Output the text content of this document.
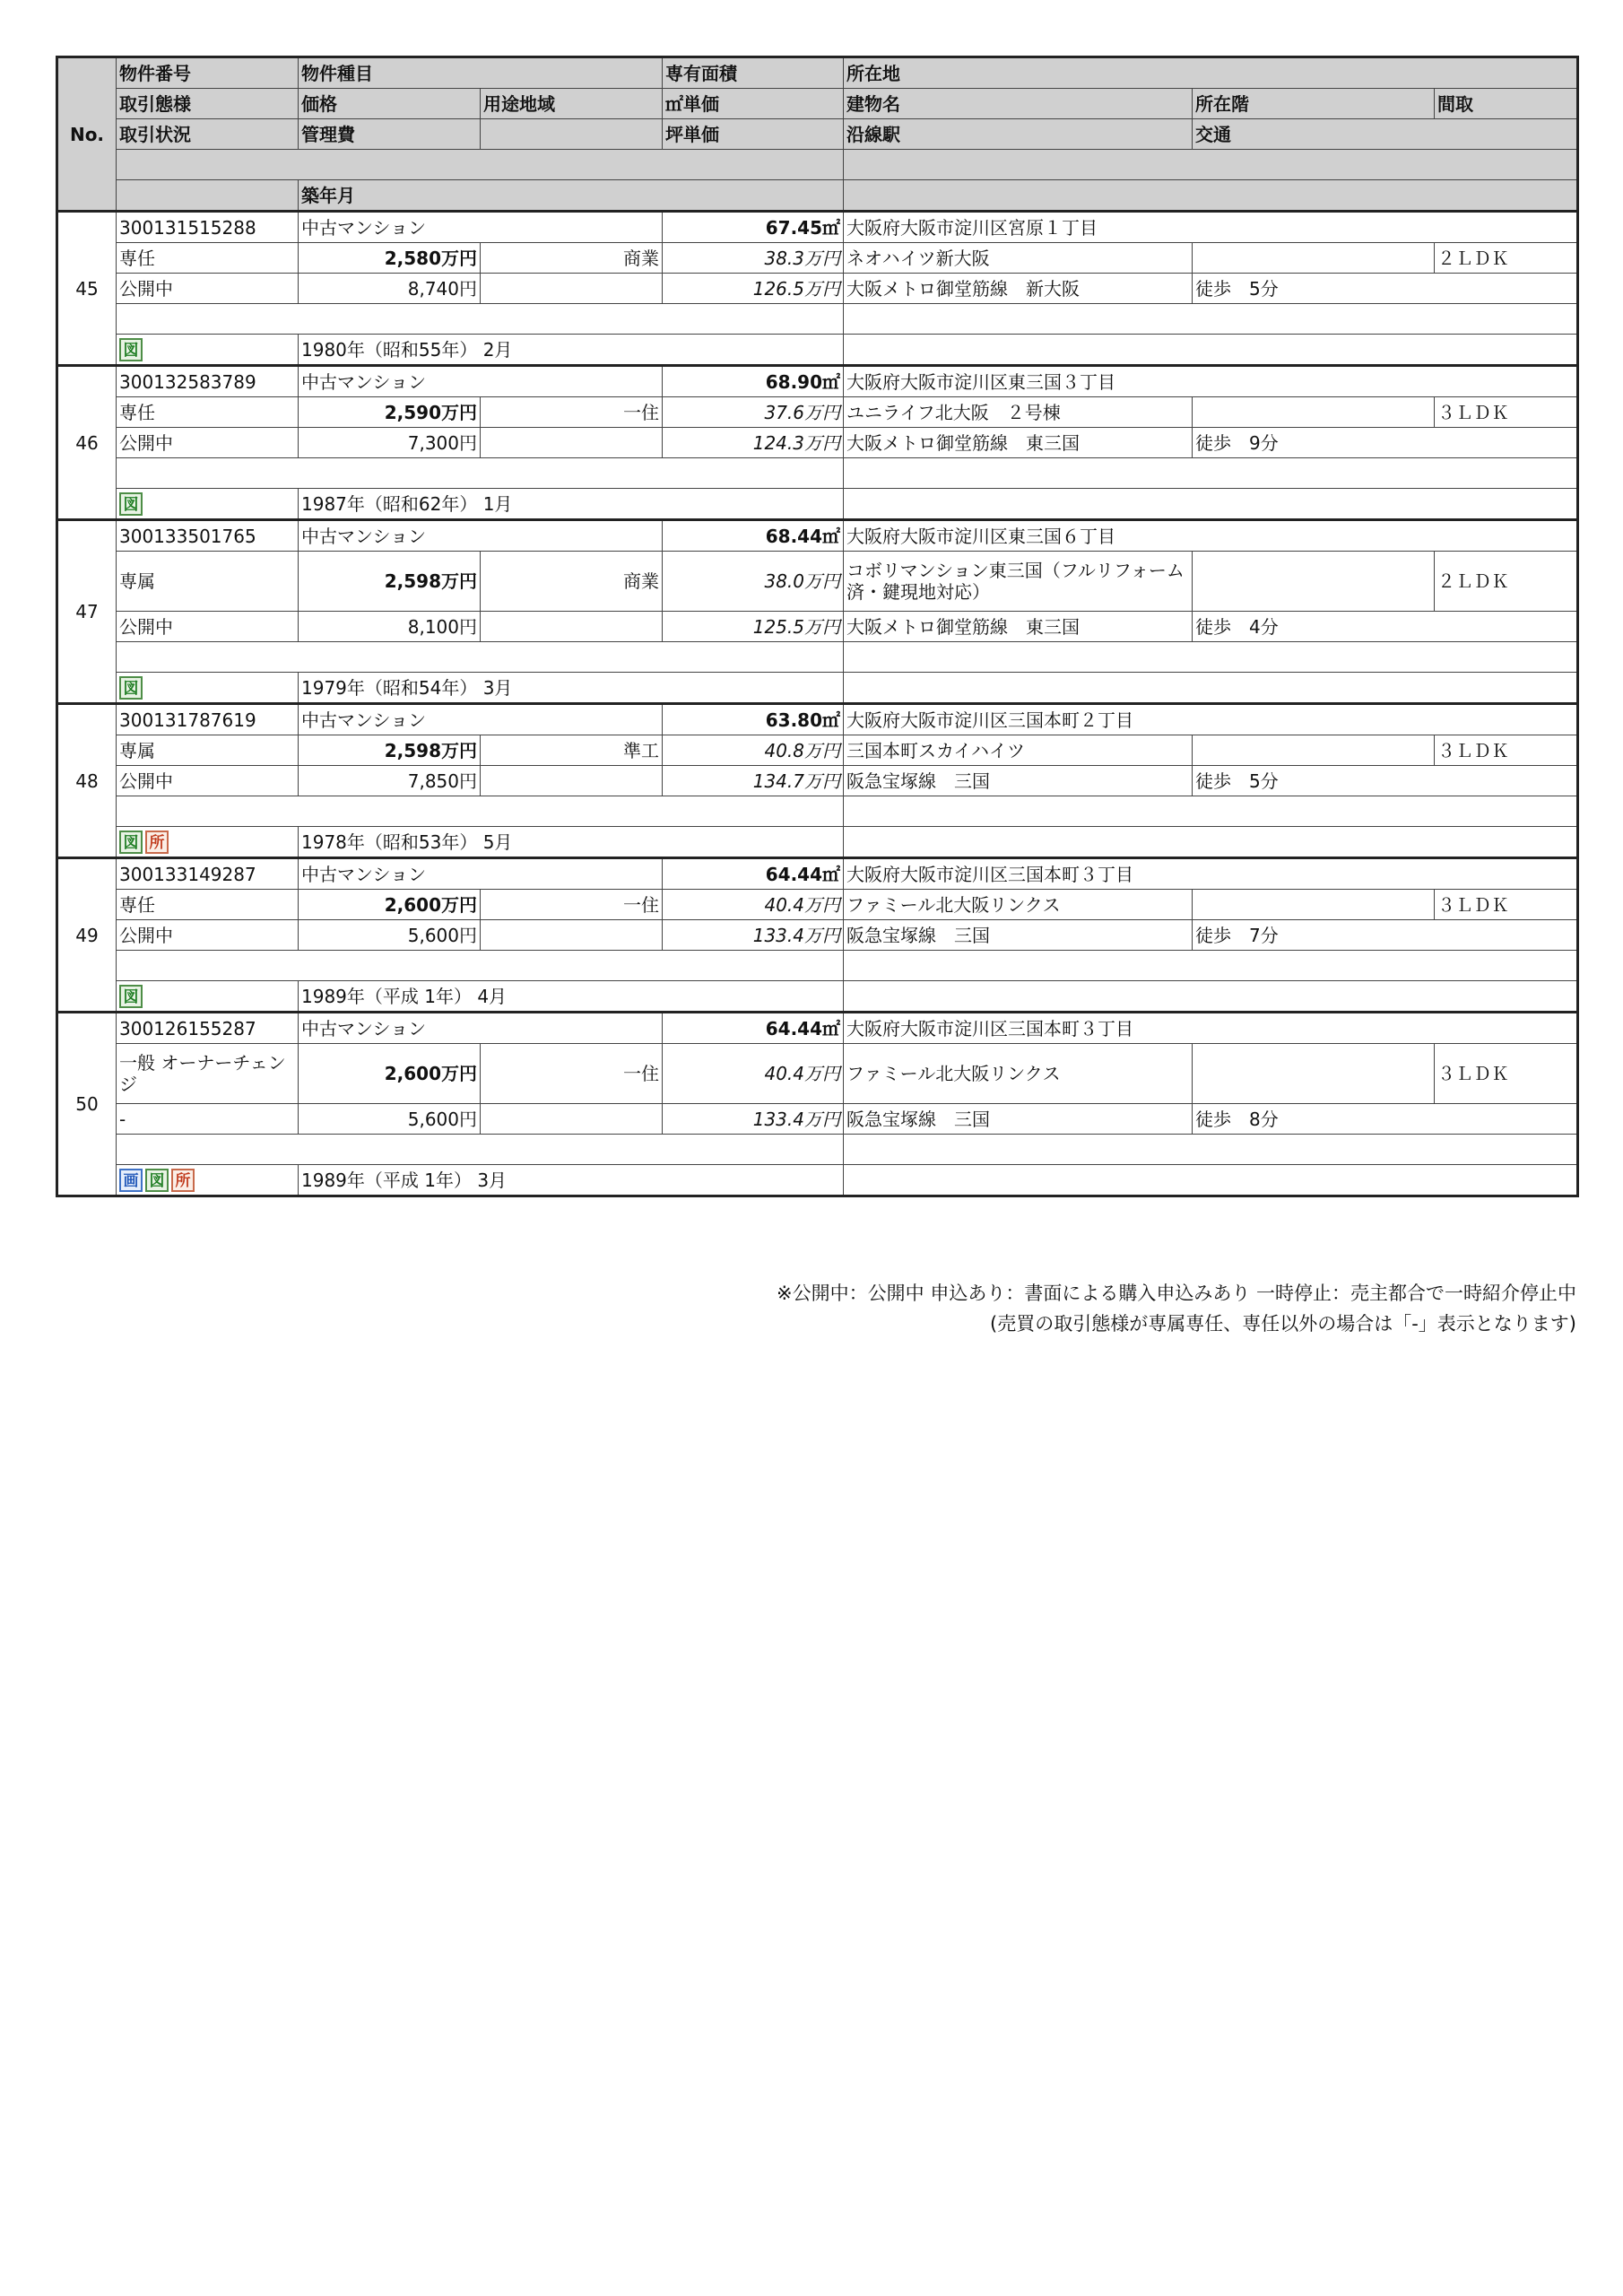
No.	物件番号	物件種目		専有面積	所在地		
	取引態様	価格	用途地域	㎡単価	建物名	所在階	間取
	取引状況	管理費		坪単価	沿線駅	交通	

		築年月					
45	300131515288	中古マンション		67.45㎡	大阪府大阪市淀川区宮原１丁目		
	専任	2,580万円	商業	38.3万円	ネオハイツ新大阪		２ＬＤＫ
	公開中	8,740円		126.5万円	大阪メトロ御堂筋線　新大阪	徒歩　5分	

	図	1980年（昭和55年） 2月					
46	300132583789	中古マンション		68.90㎡	大阪府大阪市淀川区東三国３丁目		
	専任	2,590万円	一住	37.6万円	ユニライフ北大阪　２号棟		３ＬＤＫ
	公開中	7,300円		124.3万円	大阪メトロ御堂筋線　東三国	徒歩　9分	

	図	1987年（昭和62年） 1月					
47	300133501765	中古マンション		68.44㎡	大阪府大阪市淀川区東三国６丁目		
	専属	2,598万円	商業	38.0万円	コボリマンション東三国（フルリフォーム済・鍵現地対応）		２ＬＤＫ
	公開中	8,100円		125.5万円	大阪メトロ御堂筋線　東三国	徒歩　4分	

	図	1979年（昭和54年） 3月					
48	300131787619	中古マンション		63.80㎡	大阪府大阪市淀川区三国本町２丁目		
	専属	2,598万円	準工	40.8万円	三国本町スカイハイツ		３ＬＤＫ
	公開中	7,850円		134.7万円	阪急宝塚線　三国	徒歩　5分	

	図 所	1978年（昭和53年） 5月					
49	300133149287	中古マンション		64.44㎡	大阪府大阪市淀川区三国本町３丁目		
	専任	2,600万円	一住	40.4万円	ファミール北大阪リンクス		３ＬＤＫ
	公開中	5,600円		133.4万円	阪急宝塚線　三国	徒歩　7分	

	図	1989年（平成 1年） 4月					
50	300126155287	中古マンション		64.44㎡	大阪府大阪市淀川区三国本町３丁目		
	一般 オーナーチェンジ	2,600万円	一住	40.4万円	ファミール北大阪リンクス		３ＬＤＫ
	-	5,600円		133.4万円	阪急宝塚線　三国	徒歩　8分	

	画 図 所	1989年（平成 1年） 3月					
※公開中：公開中 申込あり：書面による購入申込みあり 一時停止：売主都合で一時紹介停止中
(売買の取引態様が専属専任、専任以外の場合は「-」表示となります)
